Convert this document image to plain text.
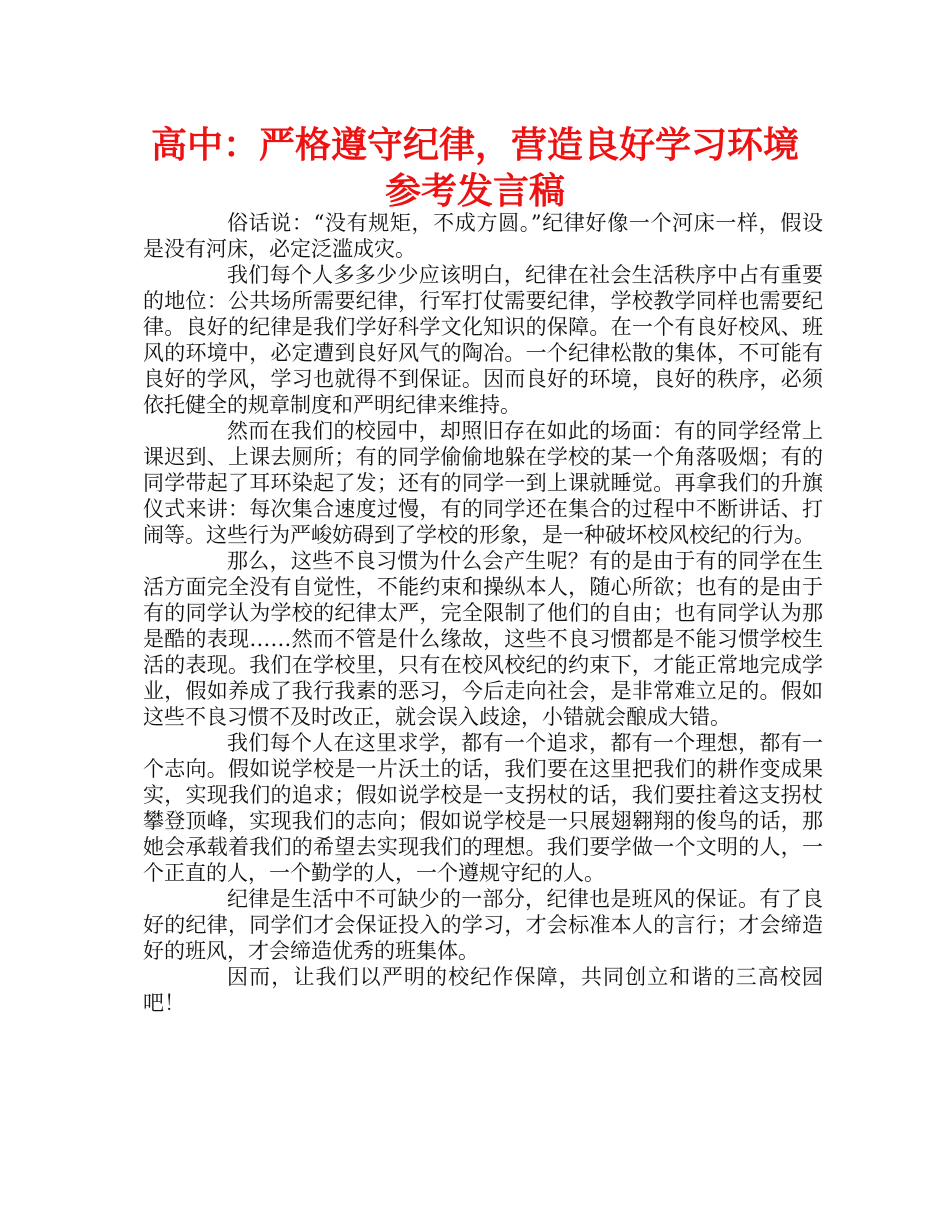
高中：严格遵守纪律，营造良好学习环境
参考发言稿

俗话说：“没有规矩，不成方圆。”纪律好像一个河床一样，假设是没有河床，必定泛滥成灾。

我们每个人多多少少应该明白，纪律在社会生活秩序中占有重要的地位：公共场所需要纪律，行军打仗需要纪律，学校教学同样也需要纪律。良好的纪律是我们学好科学文化知识的保障。在一个有良好校风、班风的环境中，必定遭到良好风气的陶冶。一个纪律松散的集体，不可能有良好的学风，学习也就得不到保证。因而良好的环境，良好的秩序，必须依托健全的规章制度和严明纪律来维持。

然而在我们的校园中，却照旧存在如此的场面：有的同学经常上课迟到、上课去厕所；有的同学偷偷地躲在学校的某一个角落吸烟；有的同学带起了耳环染起了发；还有的同学一到上课就睡觉。再拿我们的升旗仪式来讲：每次集合速度过慢，有的同学还在集合的过程中不断讲话、打闹等。这些行为严峻妨碍到了学校的形象，是一种破坏校风校纪的行为。

那么，这些不良习惯为什么会产生呢？有的是由于有的同学在生活方面完全没有自觉性，不能约束和操纵本人，随心所欲；也有的是由于有的同学认为学校的纪律太严，完全限制了他们的自由；也有同学认为那是酷的表现……然而不管是什么缘故，这些不良习惯都是不能习惯学校生活的表现。我们在学校里，只有在校风校纪的约束下，才能正常地完成学业，假如养成了我行我素的恶习，今后走向社会，是非常难立足的。假如这些不良习惯不及时改正，就会误入歧途，小错就会酿成大错。

我们每个人在这里求学，都有一个追求，都有一个理想，都有一个志向。假如说学校是一片沃土的话，我们要在这里把我们的耕作变成果实，实现我们的追求；假如说学校是一支拐杖的话，我们要拄着这支拐杖攀登顶峰，实现我们的志向；假如说学校是一只展翅翱翔的俊鸟的话，那她会承载着我们的希望去实现我们的理想。我们要学做一个文明的人，一个正直的人，一个勤学的人，一个遵规守纪的人。

纪律是生活中不可缺少的一部分，纪律也是班风的保证。有了良好的纪律，同学们才会保证投入的学习，才会标准本人的言行；才会缔造好的班风，才会缔造优秀的班集体。

因而，让我们以严明的校纪作保障，共同创立和谐的三高校园吧！
